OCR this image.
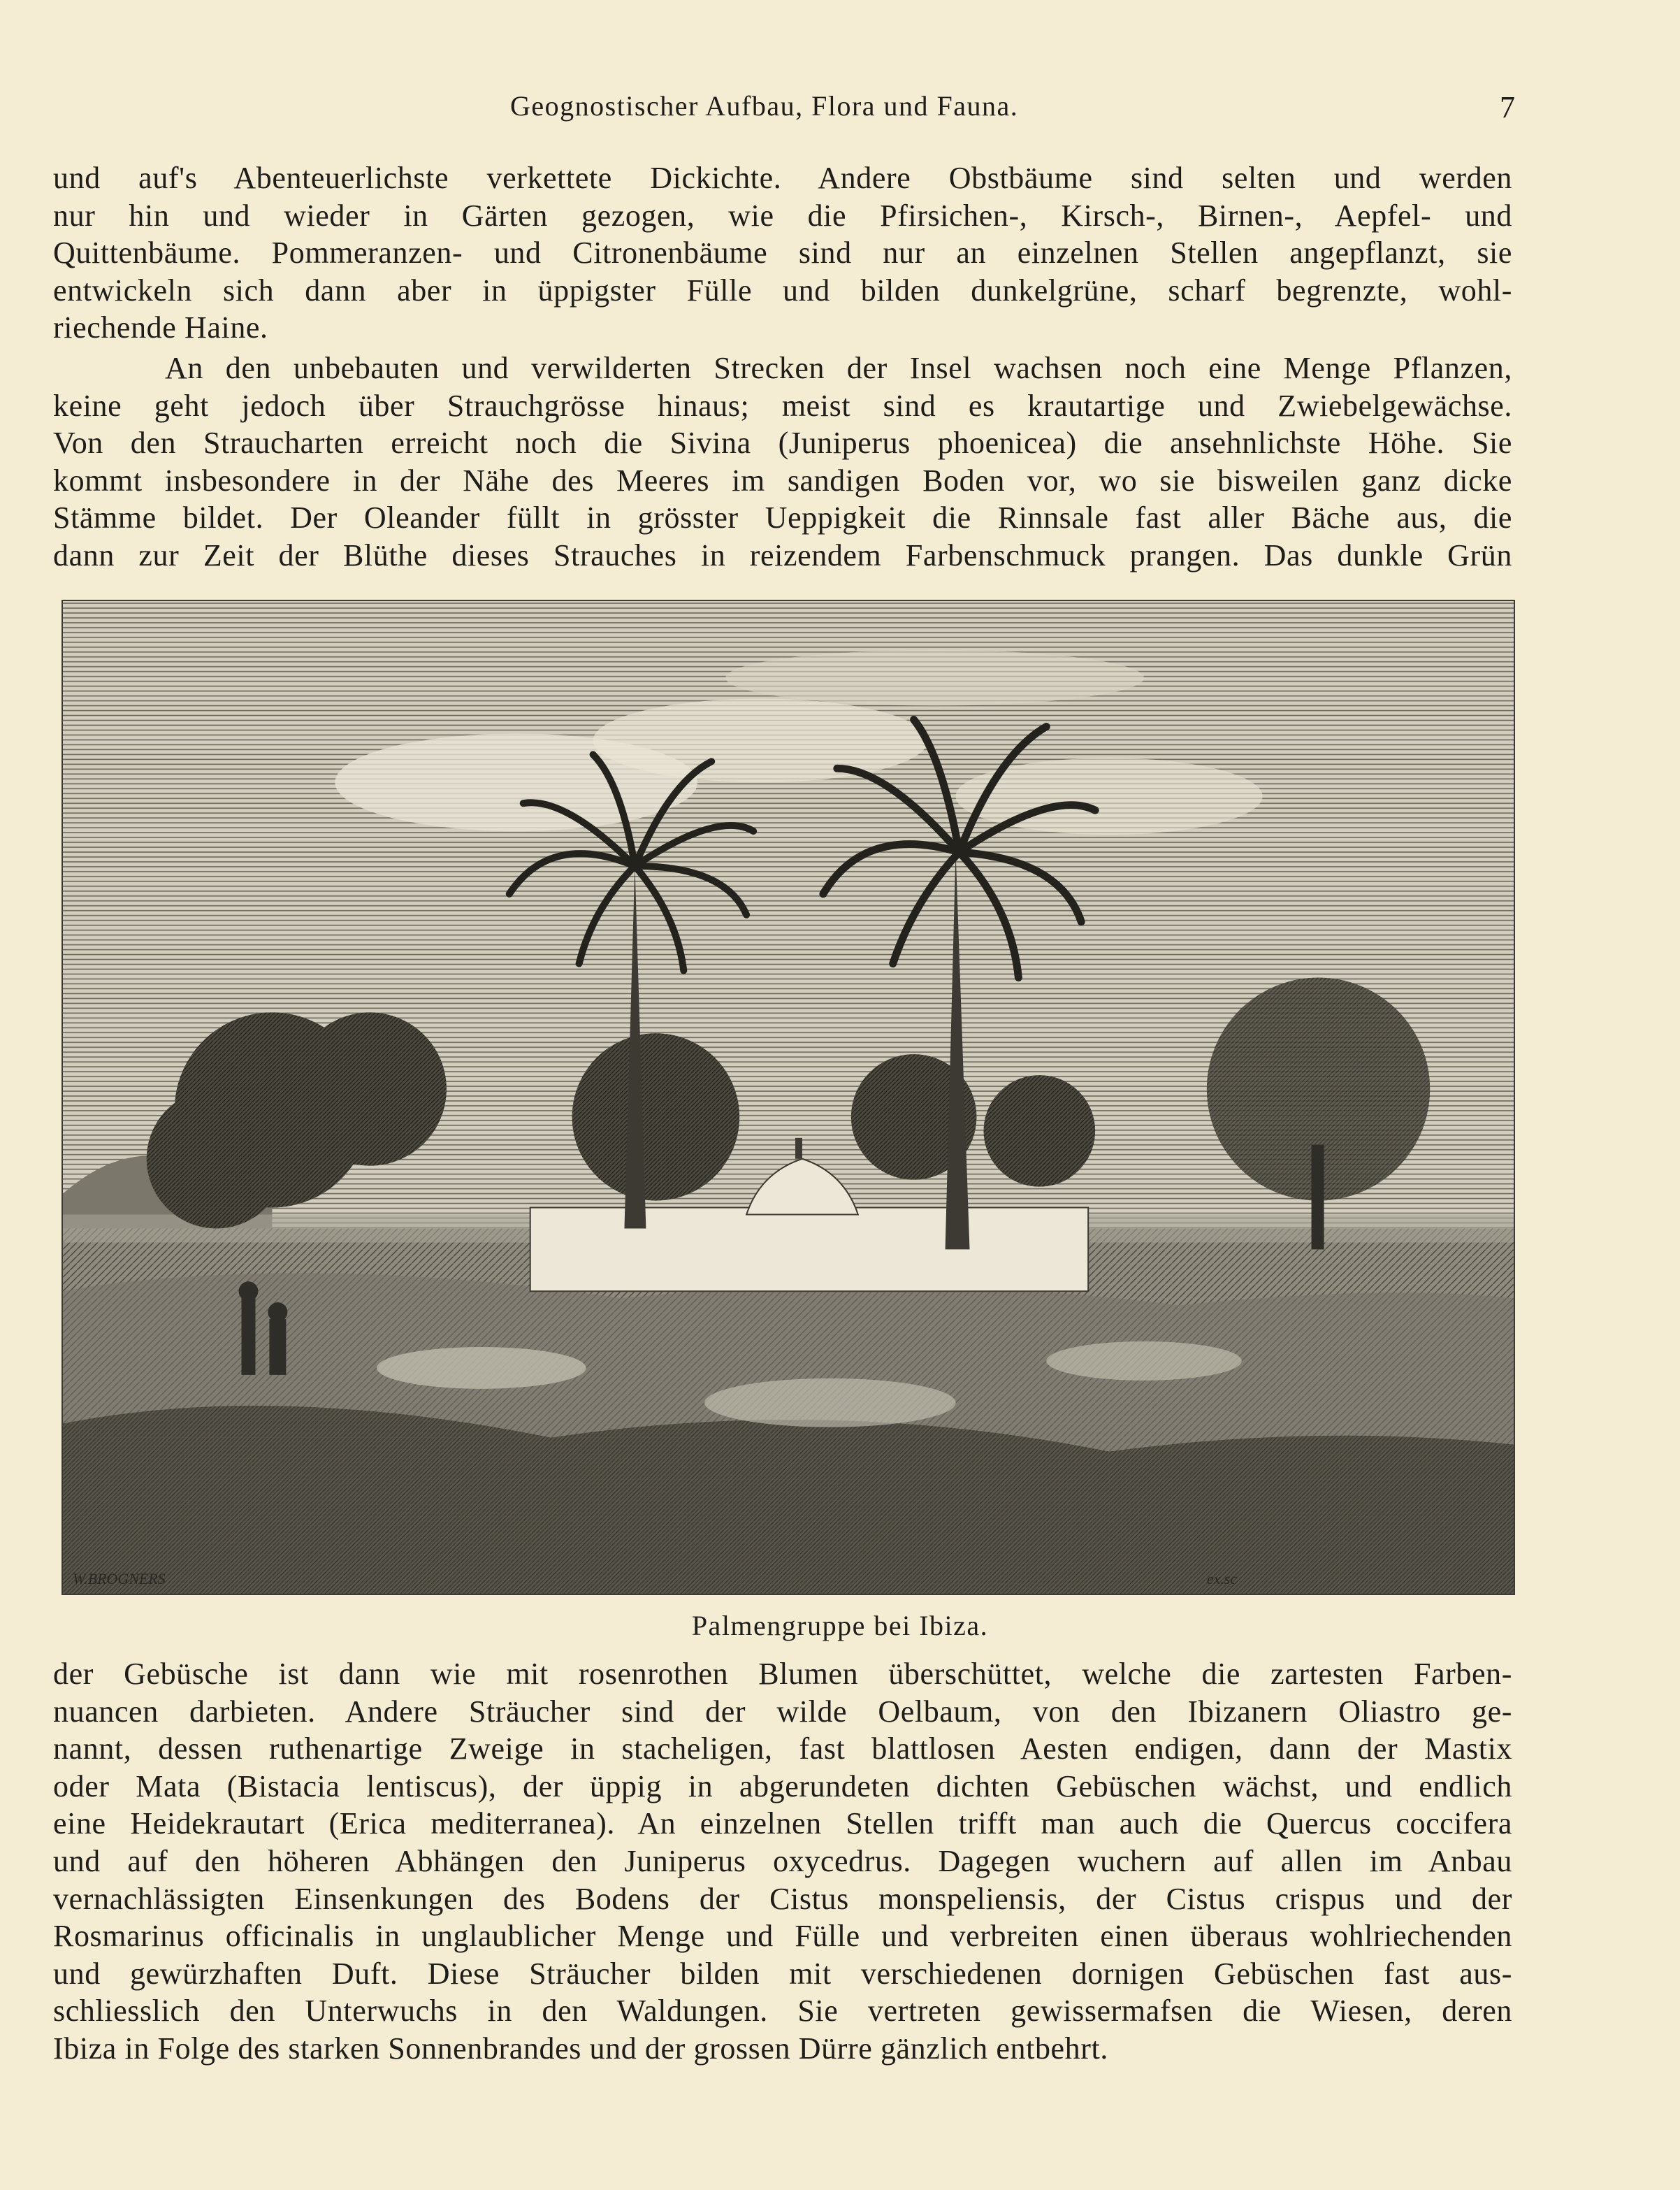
Geognostischer Aufbau, Flora und Fauna.	7
und auf's Abenteuerlichste verkettete Dickichte. Andere Obstbäume sind selten und werden
nur hin und wieder in Gärten gezogen, wie die Pfirsichen-, Kirsch-, Birnen-, Aepfel- und
Quittenbäume. Pommeranzen- und Citronenbäume sind nur an einzelnen Stellen angepflanzt, sie
entwickeln sich dann aber in üppigster Fülle und bilden dunkelgrüne, scharf begrenzte, wohl-
riechende Haine.
An den unbebauten und verwilderten Strecken der Insel wachsen noch eine Menge Pflanzen,
keine geht jedoch über Strauchgrösse hinaus; meist sind es krautartige und Zwiebelgewächse.
Von den Straucharten erreicht noch die Sivina (Juniperus phoenicea) die ansehnlichste Höhe. Sie
kommt insbesondere in der Nähe des Meeres im sandigen Boden vor, wo sie bisweilen ganz dicke
Stämme bildet. Der Oleander füllt in grösster Ueppigkeit die Rinnsale fast aller Bäche aus, die
dann zur Zeit der Blüthe dieses Strauches in reizendem Farbenschmuck prangen. Das dunkle Grün
W.BROGNERS	ex.sc
Palmengruppe bei Ibiza.
der Gebüsche ist dann wie mit rosenrothen Blumen überschüttet, welche die zartesten Farben-
nuancen darbieten. Andere Sträucher sind der wilde Oelbaum, von den Ibizanern Oliastro ge-
nannt, dessen ruthenartige Zweige in stacheligen, fast blattlosen Aesten endigen, dann der Mastix
oder Mata (Bistacia lentiscus), der üppig in abgerundeten dichten Gebüschen wächst, und endlich
eine Heidekrautart (Erica mediterranea). An einzelnen Stellen trifft man auch die Quercus coccifera
und auf den höheren Abhängen den Juniperus oxycedrus. Dagegen wuchern auf allen im Anbau
vernachlässigten Einsenkungen des Bodens der Cistus monspeliensis, der Cistus crispus und der
Rosmarinus officinalis in unglaublicher Menge und Fülle und verbreiten einen überaus wohlriechenden
und gewürzhaften Duft. Diese Sträucher bilden mit verschiedenen dornigen Gebüschen fast aus-
schliesslich den Unterwuchs in den Waldungen. Sie vertreten gewissermafsen die Wiesen, deren
Ibiza in Folge des starken Sonnenbrandes und der grossen Dürre gänzlich entbehrt.
